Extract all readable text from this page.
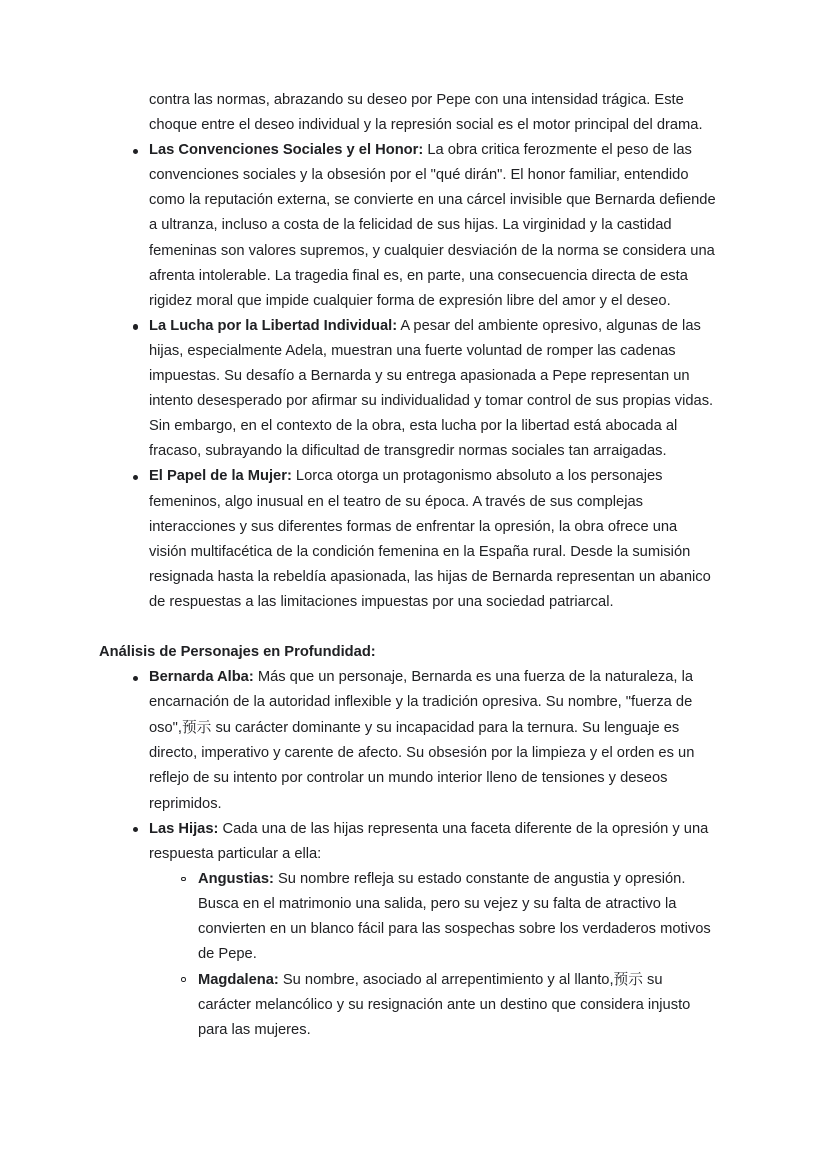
contra las normas, abrazando su deseo por Pepe con una intensidad trágica. Este choque entre el deseo individual y la represión social es el motor principal del drama.

Las Convenciones Sociales y el Honor: La obra critica ferozmente el peso de las convenciones sociales y la obsesión por el "qué dirán". El honor familiar, entendido como la reputación externa, se convierte en una cárcel invisible que Bernarda defiende a ultranza, incluso a costa de la felicidad de sus hijas. La virginidad y la castidad femeninas son valores supremos, y cualquier desviación de la norma se considera una afrenta intolerable. La tragedia final es, en parte, una consecuencia directa de esta rigidez moral que impide cualquier forma de expresión libre del amor y el deseo.
La Lucha por la Libertad Individual: A pesar del ambiente opresivo, algunas de las hijas, especialmente Adela, muestran una fuerte voluntad de romper las cadenas impuestas. Su desafío a Bernarda y su entrega apasionada a Pepe representan un intento desesperado por afirmar su individualidad y tomar control de sus propias vidas. Sin embargo, en el contexto de la obra, esta lucha por la libertad está abocada al fracaso, subrayando la dificultad de transgredir normas sociales tan arraigadas.
El Papel de la Mujer: Lorca otorga un protagonismo absoluto a los personajes femeninos, algo inusual en el teatro de su época. A través de sus complejas interacciones y sus diferentes formas de enfrentar la opresión, la obra ofrece una visión multifacética de la condición femenina en la España rural. Desde la sumisión resignada hasta la rebeldía apasionada, las hijas de Bernarda representan un abanico de respuestas a las limitaciones impuestas por una sociedad patriarcal.

Análisis de Personajes en Profundidad:

Bernarda Alba: Más que un personaje, Bernarda es una fuerza de la naturaleza, la encarnación de la autoridad inflexible y la tradición opresiva. Su nombre, "fuerza de oso",预示 su carácter dominante y su incapacidad para la ternura. Su lenguaje es directo, imperativo y carente de afecto. Su obsesión por la limpieza y el orden es un reflejo de su intento por controlar un mundo interior lleno de tensiones y deseos reprimidos.
Las Hijas: Cada una de las hijas representa una faceta diferente de la opresión y una respuesta particular a ella:
Angustias: Su nombre refleja su estado constante de angustia y opresión. Busca en el matrimonio una salida, pero su vejez y su falta de atractivo la convierten en un blanco fácil para las sospechas sobre los verdaderos motivos de Pepe.
Magdalena: Su nombre, asociado al arrepentimiento y al llanto,预示 su carácter melancólico y su resignación ante un destino que considera injusto para las mujeres.
